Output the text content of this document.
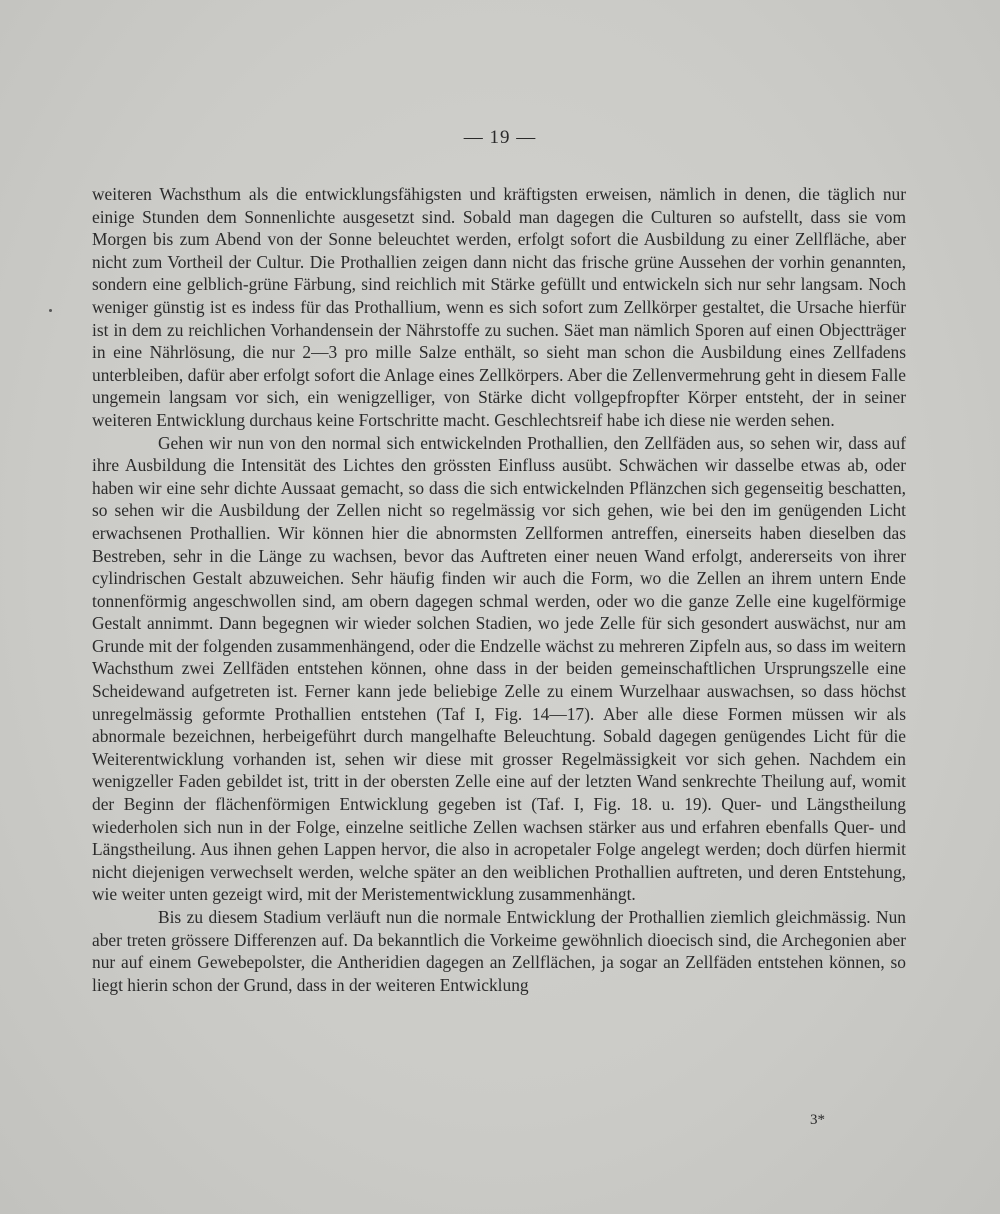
— 19 —

weiteren Wachsthum als die entwicklungsfähigsten und kräftigsten erweisen, nämlich in denen, die täglich nur einige Stunden dem Sonnenlichte ausgesetzt sind. Sobald man dagegen die Culturen so aufstellt, dass sie vom Morgen bis zum Abend von der Sonne beleuchtet werden, erfolgt sofort die Ausbildung zu einer Zellfläche, aber nicht zum Vortheil der Cultur. Die Prothallien zeigen dann nicht das frische grüne Aussehen der vorhin genannten, sondern eine gelblich-grüne Färbung, sind reichlich mit Stärke gefüllt und entwickeln sich nur sehr langsam. Noch weniger günstig ist es indess für das Prothallium, wenn es sich sofort zum Zellkörper gestaltet, die Ursache hierfür ist in dem zu reichlichen Vorhandensein der Nährstoffe zu suchen. Säet man nämlich Sporen auf einen Objectträger in eine Nährlösung, die nur 2—3 pro mille Salze enthält, so sieht man schon die Ausbildung eines Zellfadens unterbleiben, dafür aber erfolgt sofort die Anlage eines Zellkörpers. Aber die Zellenvermehrung geht in diesem Falle ungemein langsam vor sich, ein wenigzelliger, von Stärke dicht vollgepfropfter Körper entsteht, der in seiner weiteren Entwicklung durchaus keine Fortschritte macht. Geschlechtsreif habe ich diese nie werden sehen.

Gehen wir nun von den normal sich entwickelnden Prothallien, den Zellfäden aus, so sehen wir, dass auf ihre Ausbildung die Intensität des Lichtes den grössten Einfluss ausübt. Schwächen wir dasselbe etwas ab, oder haben wir eine sehr dichte Aussaat gemacht, so dass die sich entwickelnden Pflänzchen sich gegenseitig beschatten, so sehen wir die Ausbildung der Zellen nicht so regelmässig vor sich gehen, wie bei den im genügenden Licht erwachsenen Prothallien. Wir können hier die abnormsten Zellformen antreffen, einerseits haben dieselben das Bestreben, sehr in die Länge zu wachsen, bevor das Auftreten einer neuen Wand erfolgt, andererseits von ihrer cylindrischen Gestalt abzuweichen. Sehr häufig finden wir auch die Form, wo die Zellen an ihrem untern Ende tonnenförmig angeschwollen sind, am obern dagegen schmal werden, oder wo die ganze Zelle eine kugelförmige Gestalt annimmt. Dann begegnen wir wieder solchen Stadien, wo jede Zelle für sich gesondert auswächst, nur am Grunde mit der folgenden zusammenhängend, oder die Endzelle wächst zu mehreren Zipfeln aus, so dass im weitern Wachsthum zwei Zellfäden entstehen können, ohne dass in der beiden gemeinschaftlichen Ursprungszelle eine Scheidewand aufgetreten ist. Ferner kann jede beliebige Zelle zu einem Wurzelhaar auswachsen, so dass höchst unregelmässig geformte Prothallien entstehen (Taf I, Fig. 14—17). Aber alle diese Formen müssen wir als abnormale bezeichnen, herbeigeführt durch mangelhafte Beleuchtung. Sobald dagegen genügendes Licht für die Weiterentwicklung vorhanden ist, sehen wir diese mit grosser Regelmässigkeit vor sich gehen. Nachdem ein wenigzeller Faden gebildet ist, tritt in der obersten Zelle eine auf der letzten Wand senkrechte Theilung auf, womit der Beginn der flächenförmigen Entwicklung gegeben ist (Taf. I, Fig. 18. u. 19). Quer- und Längstheilung wiederholen sich nun in der Folge, einzelne seitliche Zellen wachsen stärker aus und erfahren ebenfalls Quer- und Längstheilung. Aus ihnen gehen Lappen hervor, die also in acropetaler Folge angelegt werden; doch dürfen hiermit nicht diejenigen verwechselt werden, welche später an den weiblichen Prothallien auftreten, und deren Entstehung, wie weiter unten gezeigt wird, mit der Meristementwicklung zusammenhängt.

Bis zu diesem Stadium verläuft nun die normale Entwicklung der Prothallien ziemlich gleichmässig. Nun aber treten grössere Differenzen auf. Da bekanntlich die Vorkeime gewöhnlich dioecisch sind, die Archegonien aber nur auf einem Gewebepolster, die Antheridien dagegen an Zellflächen, ja sogar an Zellfäden entstehen können, so liegt hierin schon der Grund, dass in der weiteren Entwicklung

3*
